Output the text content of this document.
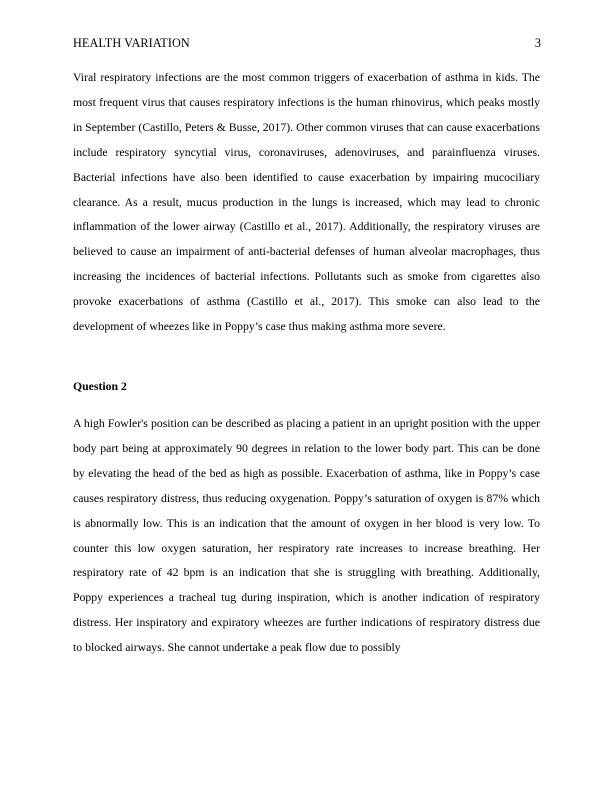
HEALTH VARIATION	3

Viral respiratory infections are the most common triggers of exacerbation of asthma in kids. The most frequent virus that causes respiratory infections is the human rhinovirus, which peaks mostly in September (Castillo, Peters & Busse, 2017). Other common viruses that can cause exacerbations include respiratory syncytial virus, coronaviruses, adenoviruses, and parainfluenza viruses. Bacterial infections have also been identified to cause exacerbation by impairing mucociliary clearance. As a result, mucus production in the lungs is increased, which may lead to chronic inflammation of the lower airway (Castillo et al., 2017). Additionally, the respiratory viruses are believed to cause an impairment of anti-bacterial defenses of human alveolar macrophages, thus increasing the incidences of bacterial infections. Pollutants such as smoke from cigarettes also provoke exacerbations of asthma (Castillo et al., 2017). This smoke can also lead to the development of wheezes like in Poppy’s case thus making asthma more severe.

Question 2

A high Fowler's position can be described as placing a patient in an upright position with the upper body part being at approximately 90 degrees in relation to the lower body part. This can be done by elevating the head of the bed as high as possible. Exacerbation of asthma, like in Poppy’s case causes respiratory distress, thus reducing oxygenation. Poppy’s saturation of oxygen is 87% which is abnormally low. This is an indication that the amount of oxygen in her blood is very low. To counter this low oxygen saturation, her respiratory rate increases to increase breathing. Her respiratory rate of 42 bpm is an indication that she is struggling with breathing. Additionally, Poppy experiences a tracheal tug during inspiration, which is another indication of respiratory distress. Her inspiratory and expiratory wheezes are further indications of respiratory distress due to blocked airways. She cannot undertake a peak flow due to possibly
